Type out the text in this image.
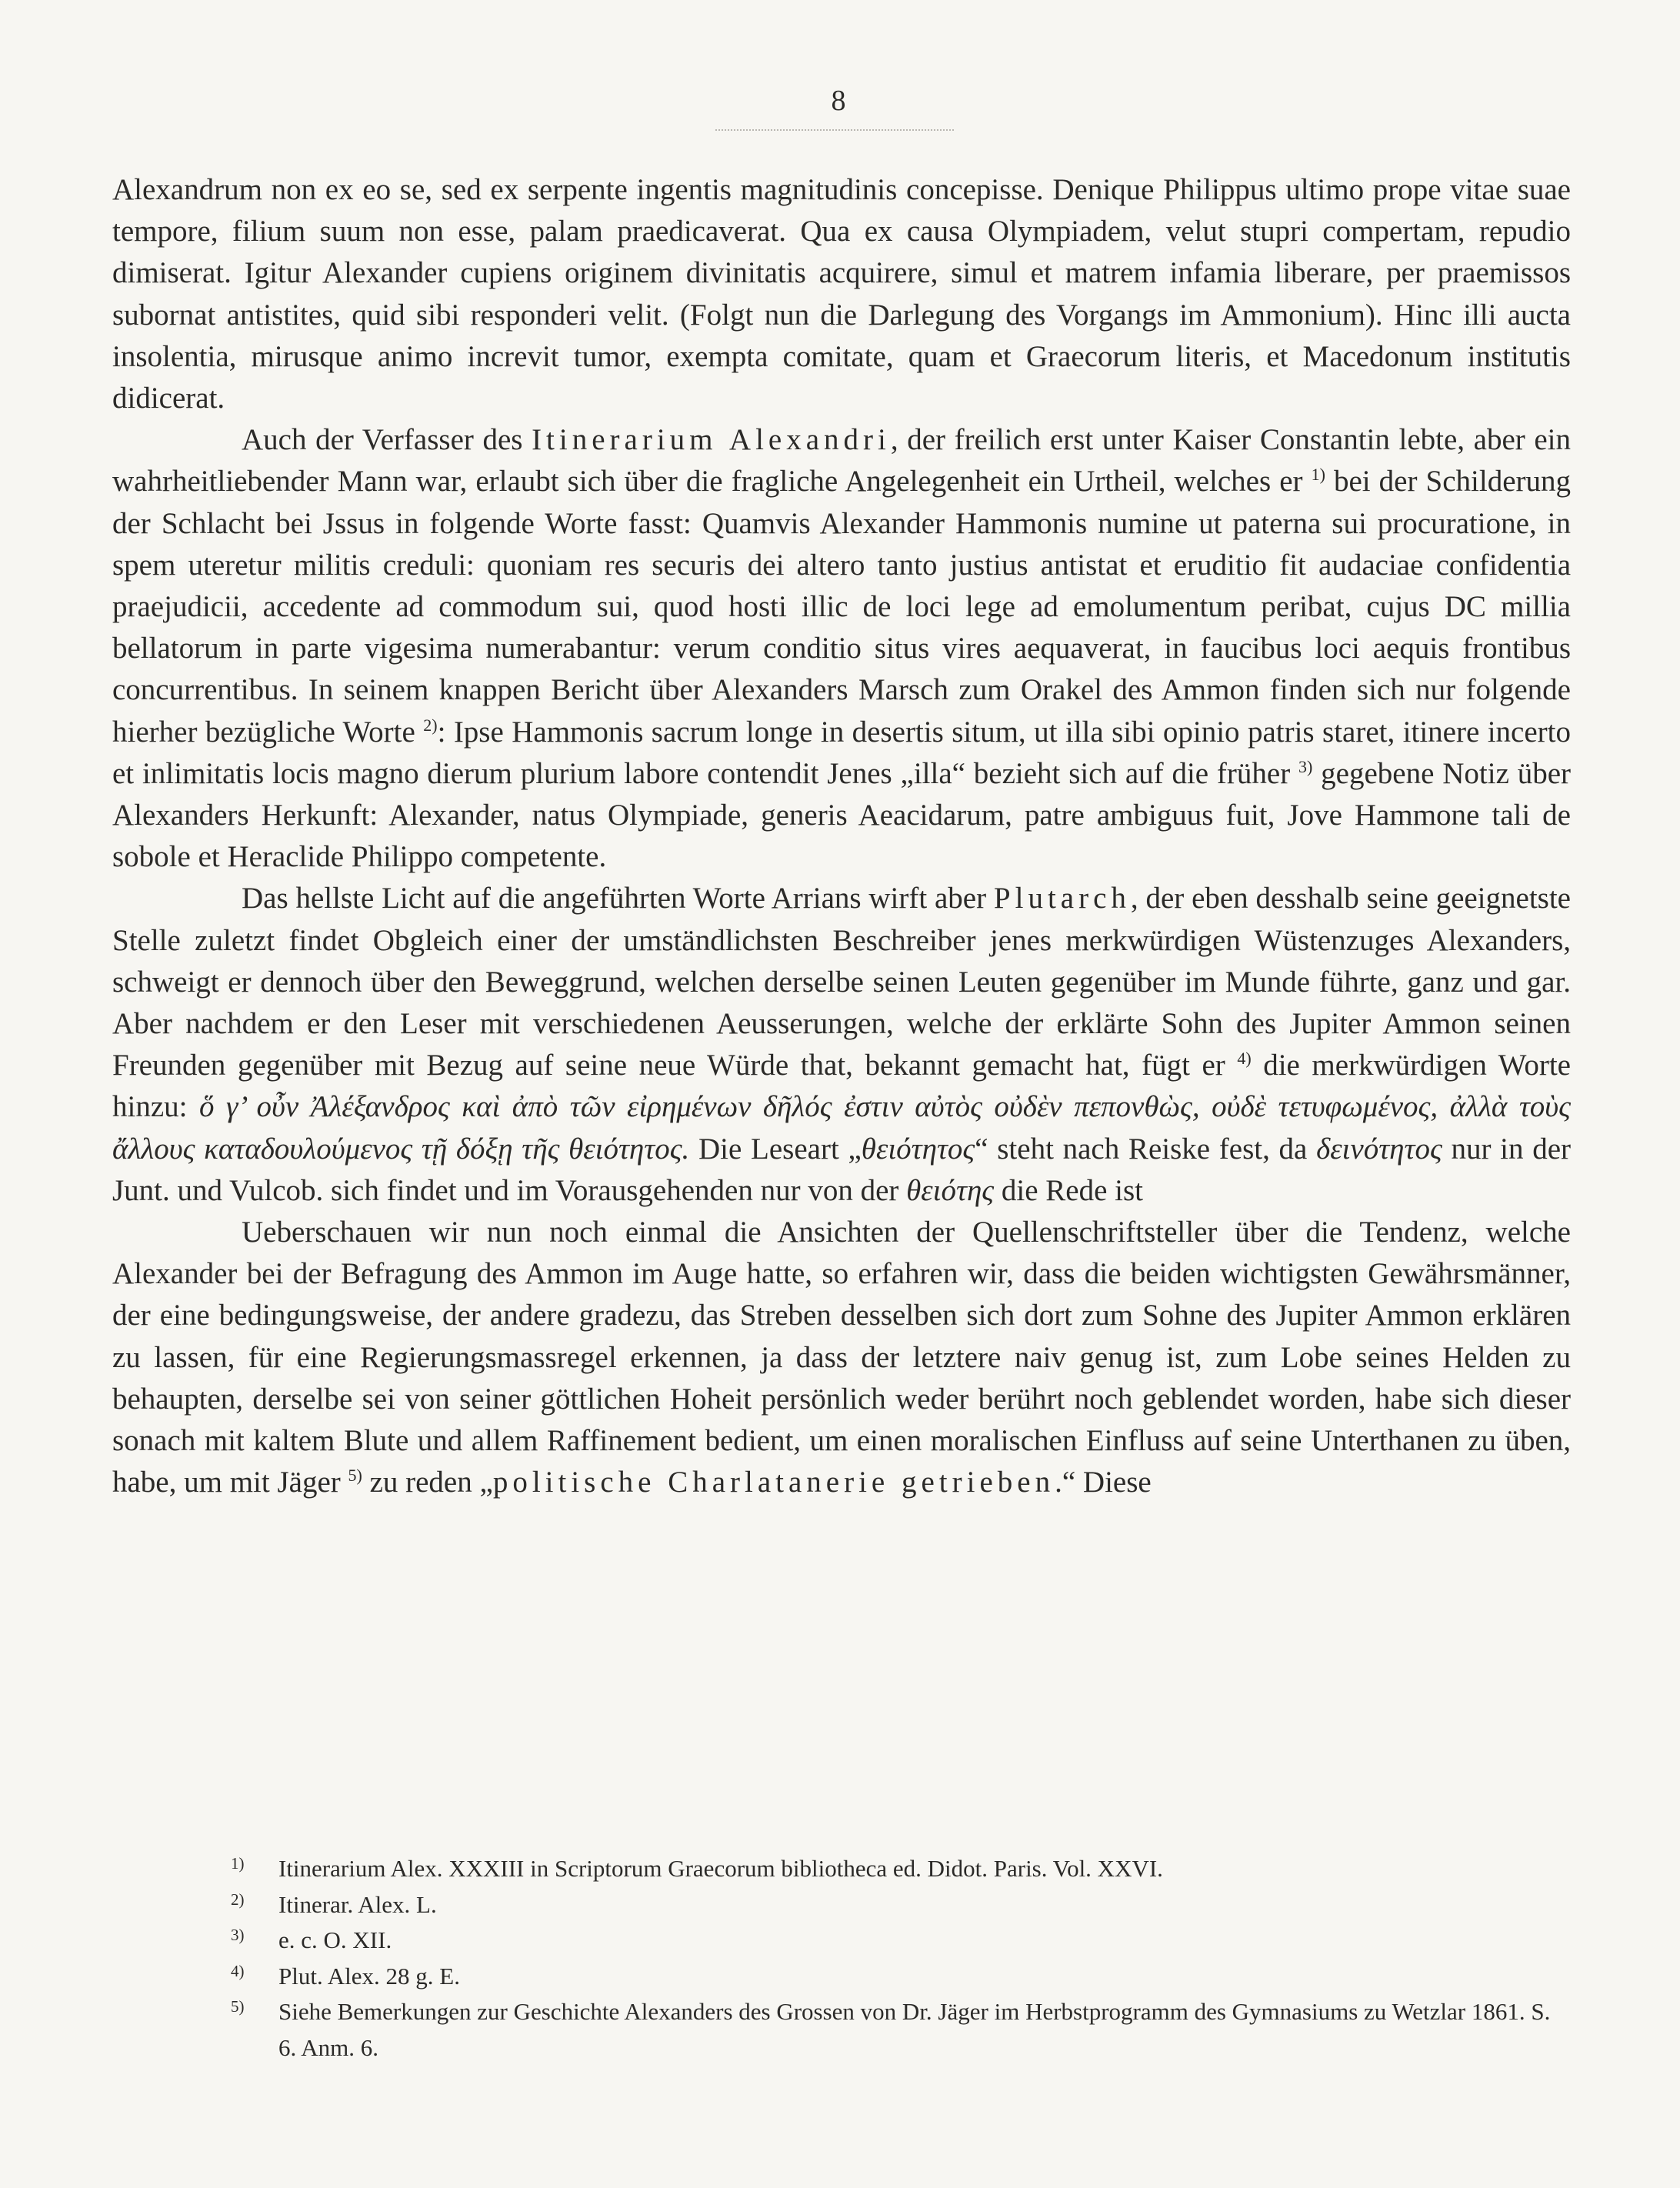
8

Alexandrum non ex eo se, sed ex serpente ingentis magnitudinis concepisse. Denique Philippus ultimo prope vitae suae tempore, filium suum non esse, palam praedicaverat. Qua ex causa Olympiadem, velut stupri compertam, repudio dimiserat. Igitur Alexander cupiens originem divinitatis acquirere, simul et matrem infamia liberare, per praemissos subornat antistites, quid sibi responderi velit. (Folgt nun die Darlegung des Vorgangs im Ammonium). Hinc illi aucta insolentia, mirusque animo increvit tumor, exempta comitate, quam et Graecorum literis, et Macedonum institutis didicerat.

Auch der Verfasser des Itinerarium Alexandri, der freilich erst unter Kaiser Constantin lebte, aber ein wahrheitliebender Mann war, erlaubt sich über die fragliche Angelegenheit ein Urtheil, welches er $^{1)}$ bei der Schilderung der Schlacht bei Jssus in folgende Worte fasst: Quamvis Alexander Hammonis numine ut paterna sui procuratione, in spem uteretur militis creduli: quoniam res securis dei altero tanto justius antistat et eruditio fit audaciae confidentia praejudicii, accedente ad commodum sui, quod hosti illic de loci lege ad emolumentum peribat, cujus DC millia bellatorum in parte vigesima numerabantur: verum conditio situs vires aequaverat, in faucibus loci aequis frontibus concurrentibus. In seinem knappen Bericht über Alexanders Marsch zum Orakel des Ammon finden sich nur folgende hierher bezügliche Worte $^{2)}$: Ipse Hammonis sacrum longe in desertis situm, ut illa sibi opinio patris staret, itinere incerto et inlimitatis locis magno dierum plurium labore contendit Jenes „illa“ bezieht sich auf die früher $^{3)}$ gegebene Notiz über Alexanders Herkunft: Alexander, natus Olympiade, generis Aeacidarum, patre ambiguus fuit, Jove Hammone tali de sobole et Heraclide Philippo competente.

Das hellste Licht auf die angeführten Worte Arrians wirft aber Plutarch, der eben desshalb seine geeignetste Stelle zuletzt findet Obgleich einer der umständlichsten Beschreiber jenes merkwürdigen Wüstenzuges Alexanders, schweigt er dennoch über den Beweggrund, welchen derselbe seinen Leuten gegenüber im Munde führte, ganz und gar. Aber nachdem er den Leser mit verschiedenen Aeusserungen, welche der erklärte Sohn des Jupiter Ammon seinen Freunden gegenüber mit Bezug auf seine neue Würde that, bekannt gemacht hat, fügt er $^{4)}$ die merkwürdigen Worte hinzu: ὅ γ’ οὖν Ἀλέξανδρος καὶ ἀπὸ τῶν εἰρημένων δῆλός ἐστιν αὐτὸς οὐδὲν πεπονθὼς, οὐδὲ τετυφωμένος, ἀλλὰ τοὺς ἄλλους καταδουλούμενος τῇ δόξῃ τῆς θειότητος. Die Leseart „θειότητος“ steht nach Reiske fest, da δεινότητος nur in der Junt. und Vulcob. sich findet und im Vorausgehenden nur von der θειότης die Rede ist

Ueberschauen wir nun noch einmal die Ansichten der Quellenschriftsteller über die Tendenz, welche Alexander bei der Befragung des Ammon im Auge hatte, so erfahren wir, dass die beiden wichtigsten Gewährsmänner, der eine bedingungsweise, der andere gradezu, das Streben desselben sich dort zum Sohne des Jupiter Ammon erklären zu lassen, für eine Regierungsmassregel erkennen, ja dass der letztere naiv genug ist, zum Lobe seines Helden zu behaupten, derselbe sei von seiner göttlichen Hoheit persönlich weder berührt noch geblendet worden, habe sich dieser sonach mit kaltem Blute und allem Raffinement bedient, um einen moralischen Einfluss auf seine Unterthanen zu üben, habe, um mit Jäger $^{5)}$ zu reden „politische Charlatanerie getrieben.“ Diese

1) Itinerarium Alex. XXXIII in Scriptorum Graecorum bibliotheca ed. Didot. Paris. Vol. XXVI.
2) Itinerar. Alex. L.
3) e. c. O. XII.
4) Plut. Alex. 28 g. E.
5) Siehe Bemerkungen zur Geschichte Alexanders des Grossen von Dr. Jäger im Herbstprogramm des Gymnasiums zu Wetzlar 1861. S. 6. Anm. 6.
